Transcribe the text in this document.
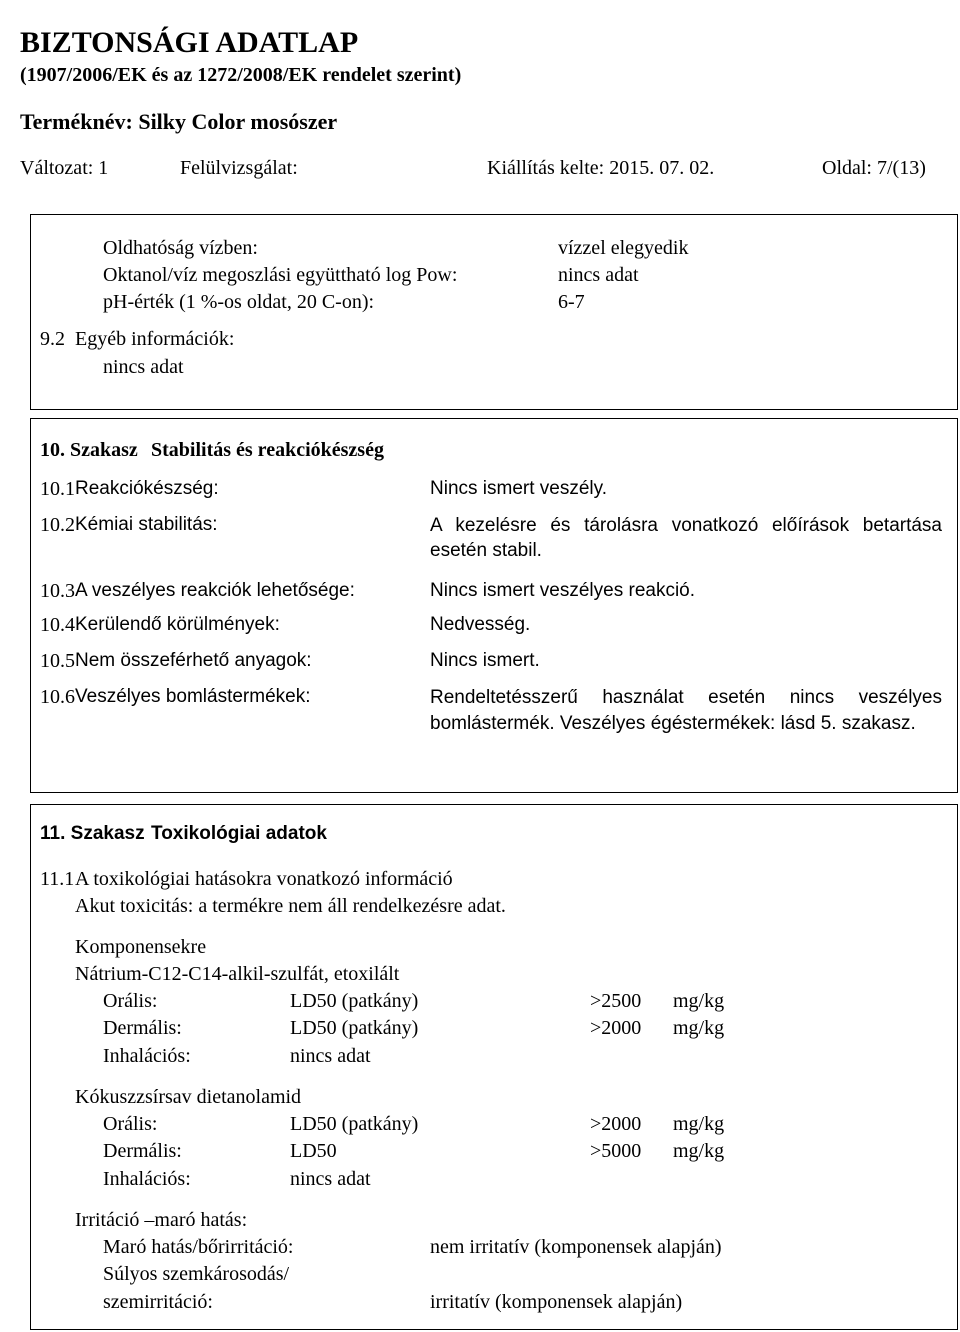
BIZTONSÁGI ADATLAP
(1907/2006/EK és az 1272/2008/EK rendelet szerint)
Terméknév: Silky Color mosószer
Változat: 1	Felülvizsgálat:	Kiállítás kelte: 2015. 07. 02.	Oldal: 7/(13)
Oldhatóság vízben:	vízzel elegyedik
Oktanol/víz megoszlási együttható log Pow:	nincs adat
pH-érték (1 %-os oldat, 20 C-on):	6-7
9.2 Egyéb információk:
nincs adat
10. Szakasz Stabilitás és reakciókészség
10.1 Reakciókészség:	Nincs ismert veszély.
10.2 Kémiai stabilitás:	A kezelésre és tárolásra vonatkozó előírások betartása esetén stabil.
10.3 A veszélyes reakciók lehetősége:	Nincs ismert veszélyes reakció.
10.4 Kerülendő körülmények:	Nedvesség.
10.5 Nem összeférhető anyagok:	Nincs ismert.
10.6 Veszélyes bomlástermékek:	Rendeltetésszerű használat esetén nincs veszélyes bomlástermék. Veszélyes égéstermékek: lásd 5. szakasz.
11. Szakasz Toxikológiai adatok
11.1 A toxikológiai hatásokra vonatkozó információ
Akut toxicitás: a termékre nem áll rendelkezésre adat.
Komponensekre
Nátrium-C12-C14-alkil-szulfát, etoxilált
Orális:	LD50 (patkány)	>2500 mg/kg
Dermális:	LD50 (patkány)	>2000 mg/kg
Inhalációs:	nincs adat
Kókuszzsírsav dietanolamid
Orális:	LD50 (patkány)	>2000 mg/kg
Dermális:	LD50	>5000 mg/kg
Inhalációs:	nincs adat
Irritáció –maró hatás:
Maró hatás/bőrirritáció:	nem irritatív (komponensek alapján)
Súlyos szemkárosodás/
szemirritáció:	irritatív (komponensek alapján)
